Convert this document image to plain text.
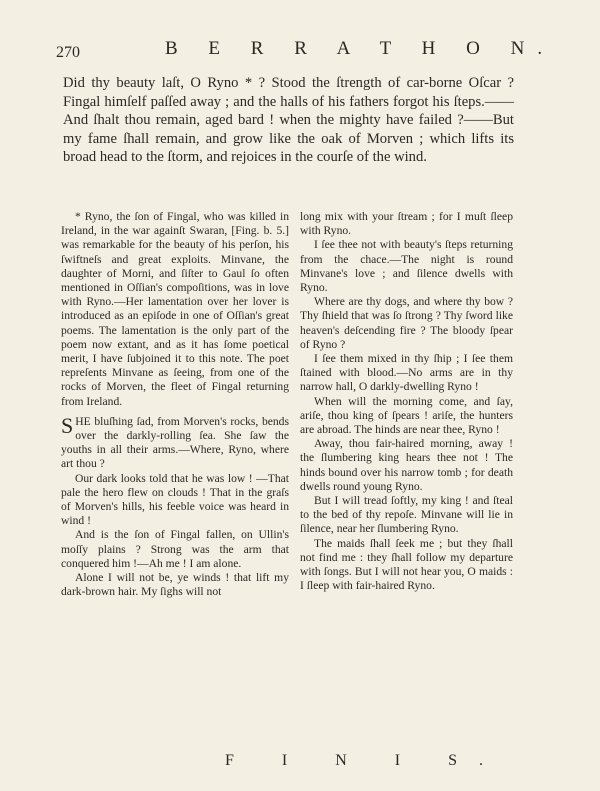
270	B E R R A T H O N.

Did thy beauty laſt, O Ryno * ? Stood the ſtrength of car-borne Oſcar ? Fingal himſelf paſſed away ; and the halls of his fathers forgot his ſteps.——And ſhalt thou remain, aged bard ! when the mighty have failed ?——But my fame ſhall remain, and grow like the oak of Morven ; which lifts its broad head to the ſtorm, and rejoices in the courſe of the wind.

* Ryno, the ſon of Fingal, who was killed in Ireland, in the war againſt Swaran, [Fing. b. 5.] was remarkable for the beauty of his perſon, his ſwiftneſs and great exploits. Minvane, the daughter of Morni, and ſiſter to Gaul ſo often mentioned in Oſſian's compoſitions, was in love with Ryno.—Her lamentation over her lover is introduced as an epiſode in one of Oſſian's great poems. The lamentation is the only part of the poem now extant, and as it has ſome poetical merit, I have ſubjoined it to this note. The poet repreſents Minvane as ſeeing, from one of the rocks of Morven, the fleet of Fingal returning from Ireland.

SHE bluſhing ſad, from Morven's rocks, bends over the darkly-rolling ſea. She ſaw the youths in all their arms.—Where, Ryno, where art thou ?

Our dark looks told that he was low ! —That pale the hero flew on clouds ! That in the graſs of Morven's hills, his feeble voice was heard in wind !

And is the ſon of Fingal fallen, on Ullin's moſſy plains ? Strong was the arm that conquered him !—Ah me ! I am alone.

Alone I will not be, ye winds ! that lift my dark-brown hair. My ſighs will not

long mix with your ſtream ; for I muſt ſleep with Ryno.

I ſee thee not with beauty's ſteps returning from the chace.—The night is round Minvane's love ; and ſilence dwells with Ryno.

Where are thy dogs, and where thy bow ? Thy ſhield that was ſo ſtrong ? Thy ſword like heaven's deſcending fire ? The bloody ſpear of Ryno ?

I ſee them mixed in thy ſhip ; I ſee them ſtained with blood.—No arms are in thy narrow hall, O darkly-dwelling Ryno !

When will the morning come, and ſay, ariſe, thou king of ſpears ! ariſe, the hunters are abroad. The hinds are near thee, Ryno !

Away, thou fair-haired morning, away ! the ſlumbering king hears thee not ! The hinds bound over his narrow tomb ; for death dwells round young Ryno.

But I will tread ſoftly, my king ! and ſteal to the bed of thy repoſe. Minvane will lie in ſilence, near her ſlumbering Ryno.

The maids ſhall ſeek me ; but they ſhall not find me : they ſhall follow my departure with ſongs. But I will not hear you, O maids : I ſleep with fair-haired Ryno.

F I N I S.
